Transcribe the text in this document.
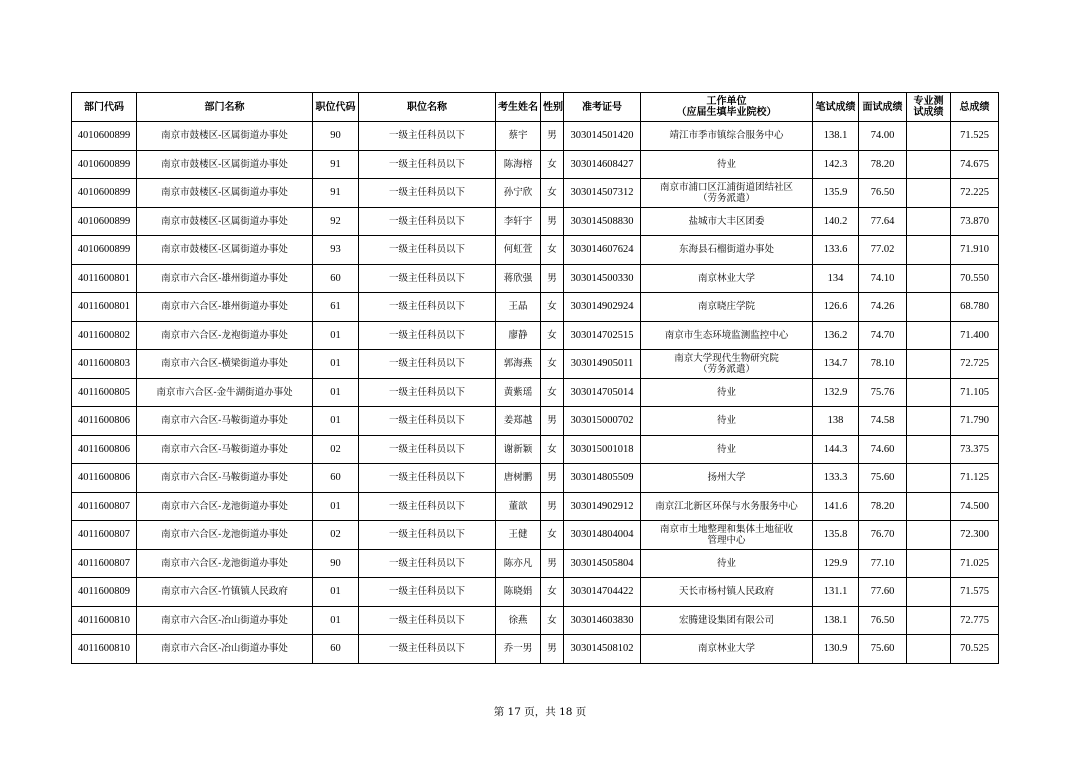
部门代码	部门名称	职位代码	职位名称	考生姓名	性别	准考证号	工作单位
（应届生填毕业院校）	笔试成绩	面试成绩	专业测试成绩	总成绩
4010600899	南京市鼓楼区-区属街道办事处	90	一级主任科员以下	蔡宇	男	303014501420	靖江市季市镇综合服务中心	138.1	74.00		71.525
4010600899	南京市鼓楼区-区属街道办事处	91	一级主任科员以下	陈海榕	女	303014608427	待业	142.3	78.20		74.675
4010600899	南京市鼓楼区-区属街道办事处	91	一级主任科员以下	孙宁欣	女	303014507312	南京市浦口区江浦街道团结社区
（劳务派遣）	135.9	76.50		72.225
4010600899	南京市鼓楼区-区属街道办事处	92	一级主任科员以下	李轩宇	男	303014508830	盐城市大丰区团委	140.2	77.64		73.870
4010600899	南京市鼓楼区-区属街道办事处	93	一级主任科员以下	何虹萱	女	303014607624	东海县石榴街道办事处	133.6	77.02		71.910
4011600801	南京市六合区-雄州街道办事处	60	一级主任科员以下	蒋欣强	男	303014500330	南京林业大学	134	74.10		70.550
4011600801	南京市六合区-雄州街道办事处	61	一级主任科员以下	王晶	女	303014902924	南京晓庄学院	126.6	74.26		68.780
4011600802	南京市六合区-龙袍街道办事处	01	一级主任科员以下	廖静	女	303014702515	南京市生态环境监测监控中心	136.2	74.70		71.400
4011600803	南京市六合区-横梁街道办事处	01	一级主任科员以下	郭海燕	女	303014905011	南京大学现代生物研究院
（劳务派遣）	134.7	78.10		72.725
4011600805	南京市六合区-金牛湖街道办事处	01	一级主任科员以下	黄紫瑶	女	303014705014	待业	132.9	75.76		71.105
4011600806	南京市六合区-马鞍街道办事处	01	一级主任科员以下	姜郑越	男	303015000702	待业	138	74.58		71.790
4011600806	南京市六合区-马鞍街道办事处	02	一级主任科员以下	谢新颖	女	303015001018	待业	144.3	74.60		73.375
4011600806	南京市六合区-马鞍街道办事处	60	一级主任科员以下	唐树鹏	男	303014805509	扬州大学	133.3	75.60		71.125
4011600807	南京市六合区-龙池街道办事处	01	一级主任科员以下	董歆	男	303014902912	南京江北新区环保与水务服务中心	141.6	78.20		74.500
4011600807	南京市六合区-龙池街道办事处	02	一级主任科员以下	王健	女	303014804004	南京市土地整理和集体土地征收
管理中心	135.8	76.70		72.300
4011600807	南京市六合区-龙池街道办事处	90	一级主任科员以下	陈亦凡	男	303014505804	待业	129.9	77.10		71.025
4011600809	南京市六合区-竹镇镇人民政府	01	一级主任科员以下	陈晓娟	女	303014704422	天长市杨村镇人民政府	131.1	77.60		71.575
4011600810	南京市六合区-冶山街道办事处	01	一级主任科员以下	徐燕	女	303014603830	宏腾建设集团有限公司	138.1	76.50		72.775
4011600810	南京市六合区-冶山街道办事处	60	一级主任科员以下	乔一男	男	303014508102	南京林业大学	130.9	75.60		70.525
第 17 页，共 18 页
